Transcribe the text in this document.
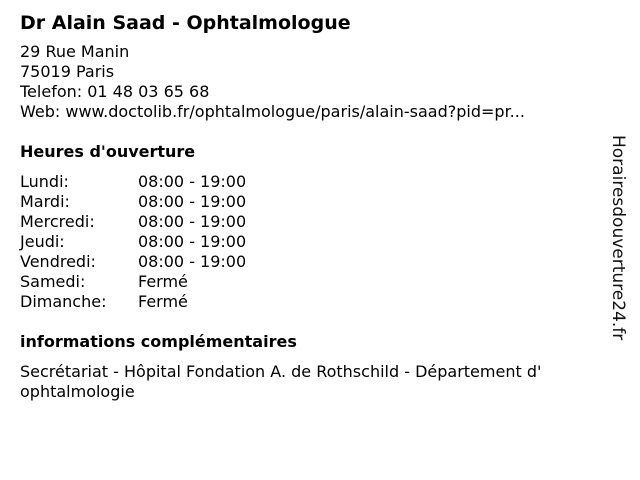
Dr Alain Saad - Ophtalmologue
29 Rue Manin
75019 Paris
Telefon: 01 48 03 65 68
Web: www.doctolib.fr/ophtalmologue/paris/alain-saad?pid=pr...
Heures d'ouverture
Lundi:	08:00 - 19:00
Mardi:	08:00 - 19:00
Mercredi:	08:00 - 19:00
Jeudi:	08:00 - 19:00
Vendredi:	08:00 - 19:00
Samedi:	Fermé
Dimanche:	Fermé
informations complémentaires
Secrétariat - Hôpital Fondation A. de Rothschild - Département d' ophtalmologie
Horairesdouverture24.fr
